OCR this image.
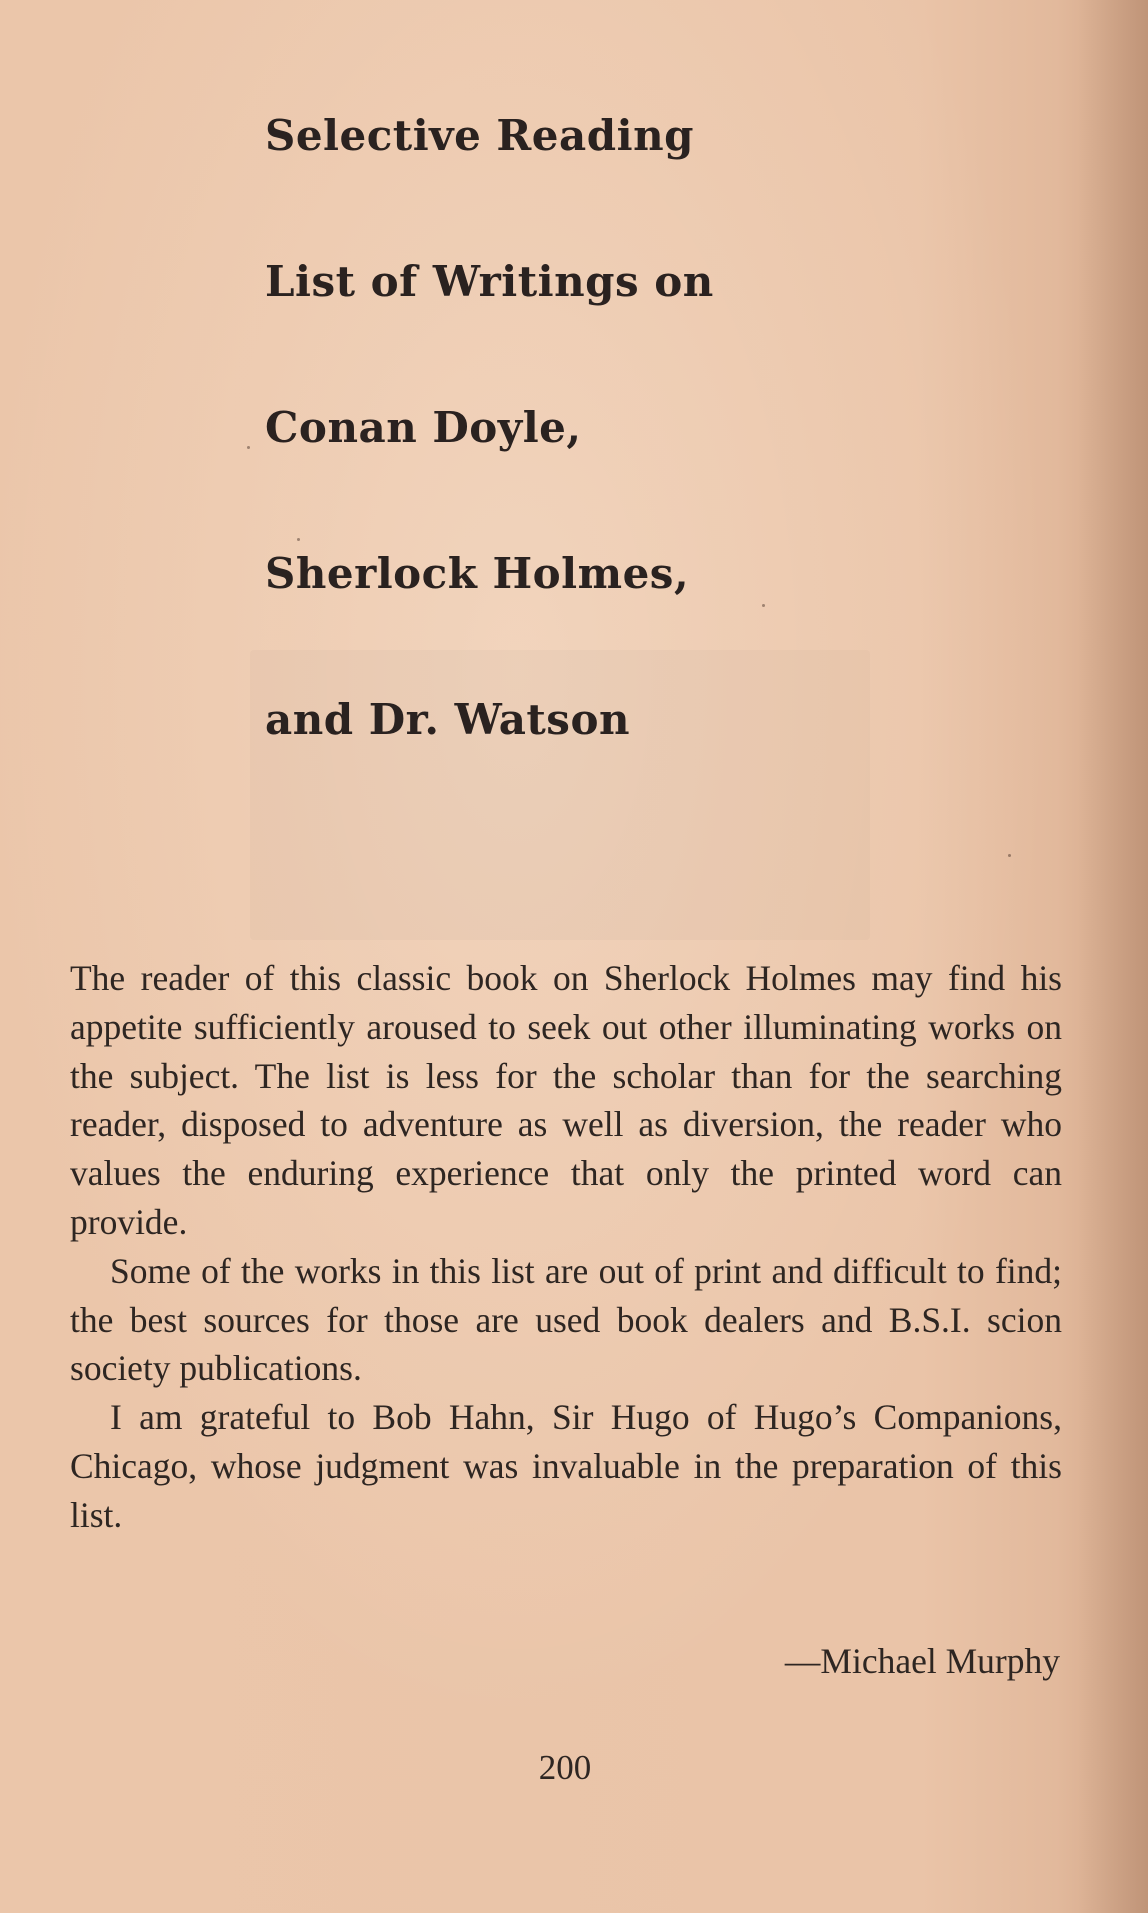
Selective Reading
List of Writings on
Conan Doyle,
Sherlock Holmes,
and Dr. Watson

The reader of this classic book on Sherlock Holmes may find his appetite sufficiently aroused to seek out other illuminating works on the subject. The list is less for the scholar than for the searching reader, disposed to adventure as well as diversion, the reader who values the enduring experience that only the printed word can provide.

Some of the works in this list are out of print and difficult to find; the best sources for those are used book dealers and B.S.I. scion society publications.

I am grateful to Bob Hahn, Sir Hugo of Hugo’s Companions, Chicago, whose judgment was invaluable in the preparation of this list.

—Michael Murphy
200
